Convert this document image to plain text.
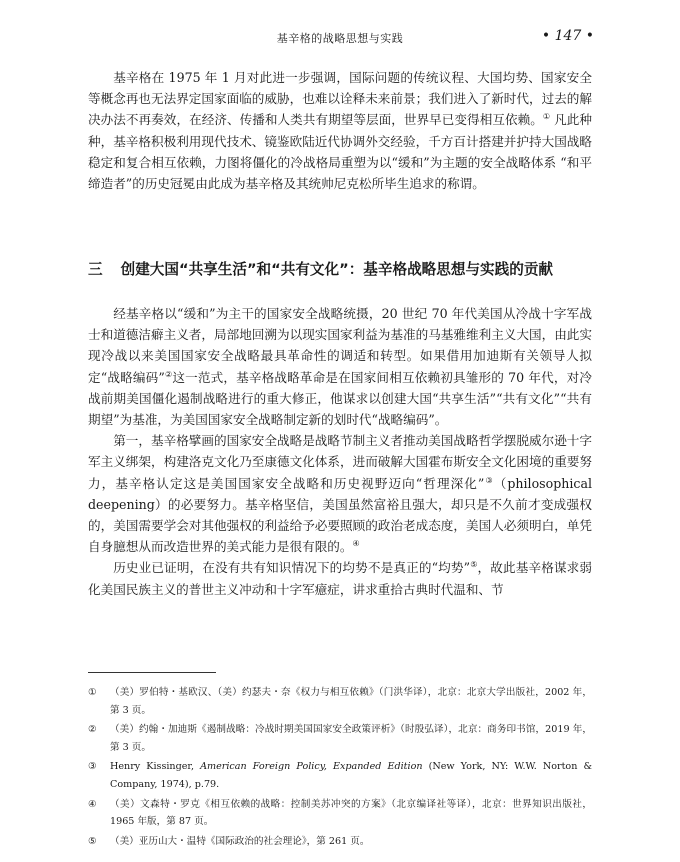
基辛格的战略思想与实践	• 147 •

基辛格在 1975 年 1 月对此进一步强调，国际问题的传统议程、大国均势、国家安全等概念再也无法界定国家面临的威胁，也难以诠释未来前景；我们进入了新时代，过去的解决办法不再奏效，在经济、传播和人类共有期望等层面，世界早已变得相互依赖。① 凡此种种，基辛格积极利用现代技术、镜鉴欧陆近代协调外交经验，千方百计搭建并护持大国战略稳定和复合相互依赖，力图将僵化的冷战格局重塑为以“缓和”为主题的安全战略体系 “和平缔造者”的历史冠冕由此成为基辛格及其统帅尼克松所毕生追求的称谓。

三 创建大国“共享生活”和“共有文化”：基辛格战略思想与实践的贡献

经基辛格以“缓和”为主干的国家安全战略统摄，20 世纪 70 年代美国从冷战十字军战士和道德洁癖主义者，局部地回溯为以现实国家利益为基准的马基雅维利主义大国，由此实现冷战以来美国国家安全战略最具革命性的调适和转型。如果借用加迪斯有关领导人拟定“战略编码”②这一范式，基辛格战略革命是在国家间相互依赖初具雏形的 70 年代，对冷战前期美国僵化遏制战略进行的重大修正，他谋求以创建大国“共享生活”“共有文化”“共有期望”为基准，为美国国家安全战略制定新的划时代“战略编码”。

第一，基辛格擘画的国家安全战略是战略节制主义者推动美国战略哲学摆脱威尔逊十字军主义绑架，构建洛克文化乃至康德文化体系，进而破解大国霍布斯安全文化困境的重要努力，基辛格认定这是美国国家安全战略和历史视野迈向“哲理深化”③（philosophical deepening）的必要努力。基辛格坚信，美国虽然富裕且强大，却只是不久前才变成强权的，美国需要学会对其他强权的利益给予必要照顾的政治老成态度，美国人必须明白，单凭自身臆想从而改造世界的美式能力是很有限的。④

历史业已证明，在没有共有知识情况下的均势不是真正的“均势”⑤，故此基辛格谋求弱化美国民族主义的普世主义冲动和十字军癔症，讲求重拾古典时代温和、节

① （美）罗伯特・基欧汉、（美）约瑟夫・奈《权力与相互依赖》（门洪华译），北京：北京大学出版社，2002 年，第 3 页。
② （美）约翰・加迪斯《遏制战略：冷战时期美国国家安全政策评析》（时殷弘译），北京：商务印书馆，2019 年，第 3 页。
③ Henry Kissinger, American Foreign Policy, Expanded Edition (New York, NY: W.W. Norton & Company, 1974), p.79.
④ （美）文森特・罗克《相互依赖的战略：控制美苏冲突的方案》（北京编译社等译），北京：世界知识出版社，1965 年版，第 87 页。
⑤ （美）亚历山大・温特《国际政治的社会理论》，第 261 页。
